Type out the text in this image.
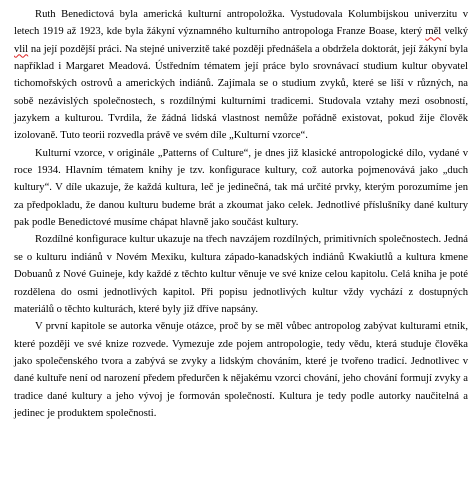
Ruth Benedictová byla americká kulturní antropoložka. Vystudovala Kolumbijskou univerzitu v letech 1919 až 1923, kde byla žákyní významného kulturního antropologa Franze Boase, který měl velký vlil na její pozdější práci. Na stejné univerzitě také později přednášela a obdržela doktorát, její žákyní byla například i Margaret Meadová. Ústředním tématem její práce bylo srovnávací studium kultur obyvatel tichomořských ostrovů a amerických indiánů. Zajímala se o studium zvyků, které se liší v různých, na sobě nezávislých společnostech, s rozdílnými kulturními tradicemi. Studovala vztahy mezi osobností, jazykem a kulturou. Tvrdila, že žádná lidská vlastnost nemůže pořádně existovat, pokud žije člověk izolovaně. Tuto teorii rozvedla právě ve svém díle „Kulturní vzorce“.

Kulturní vzorce, v originále „Patterns of Culture“, je dnes již klasické antropologické dílo, vydané v roce 1934. Hlavním tématem knihy je tzv. konfigurace kultury, což autorka pojmenovává jako „duch kultury“. V díle ukazuje, že každá kultura, leč je jedinečná, tak má určité prvky, kterým porozumíme jen za předpokladu, že danou kulturu budeme brát a zkoumat jako celek. Jednotlivé příslušníky dané kultury pak podle Benedictové musíme chápat hlavně jako součást kultury.

Rozdílné konfigurace kultur ukazuje na třech navzájem rozdílných, primitivních společnostech. Jedná se o kulturu indiánů v Novém Mexiku, kultura západo-kanadských indiánů Kwakiutlů a kultura kmene Dobuanů z Nové Guineje, kdy každé z těchto kultur věnuje ve své knize celou kapitolu. Celá kniha je poté rozdělena do osmi jednotlivých kapitol. Při popisu jednotlivých kultur vždy vychází z dostupných materiálů o těchto kulturách, které byly již dříve napsány.

V první kapitole se autorka věnuje otázce, proč by se měl vůbec antropolog zabývat kulturami etnik, které později ve své knize rozvede. Vymezuje zde pojem antropologie, tedy vědu, která studuje člověka jako společenského tvora a zabývá se zvyky a lidským chováním, které je tvořeno tradicí. Jednotlivec v dané kultuře není od narození předem předurčen k nějakému vzorci chování, jeho chování formují zvyky a tradice dané kultury a jeho vývoj je formován společností. Kultura je tedy podle autorky naučitelná a jedinec je produktem společnosti.
